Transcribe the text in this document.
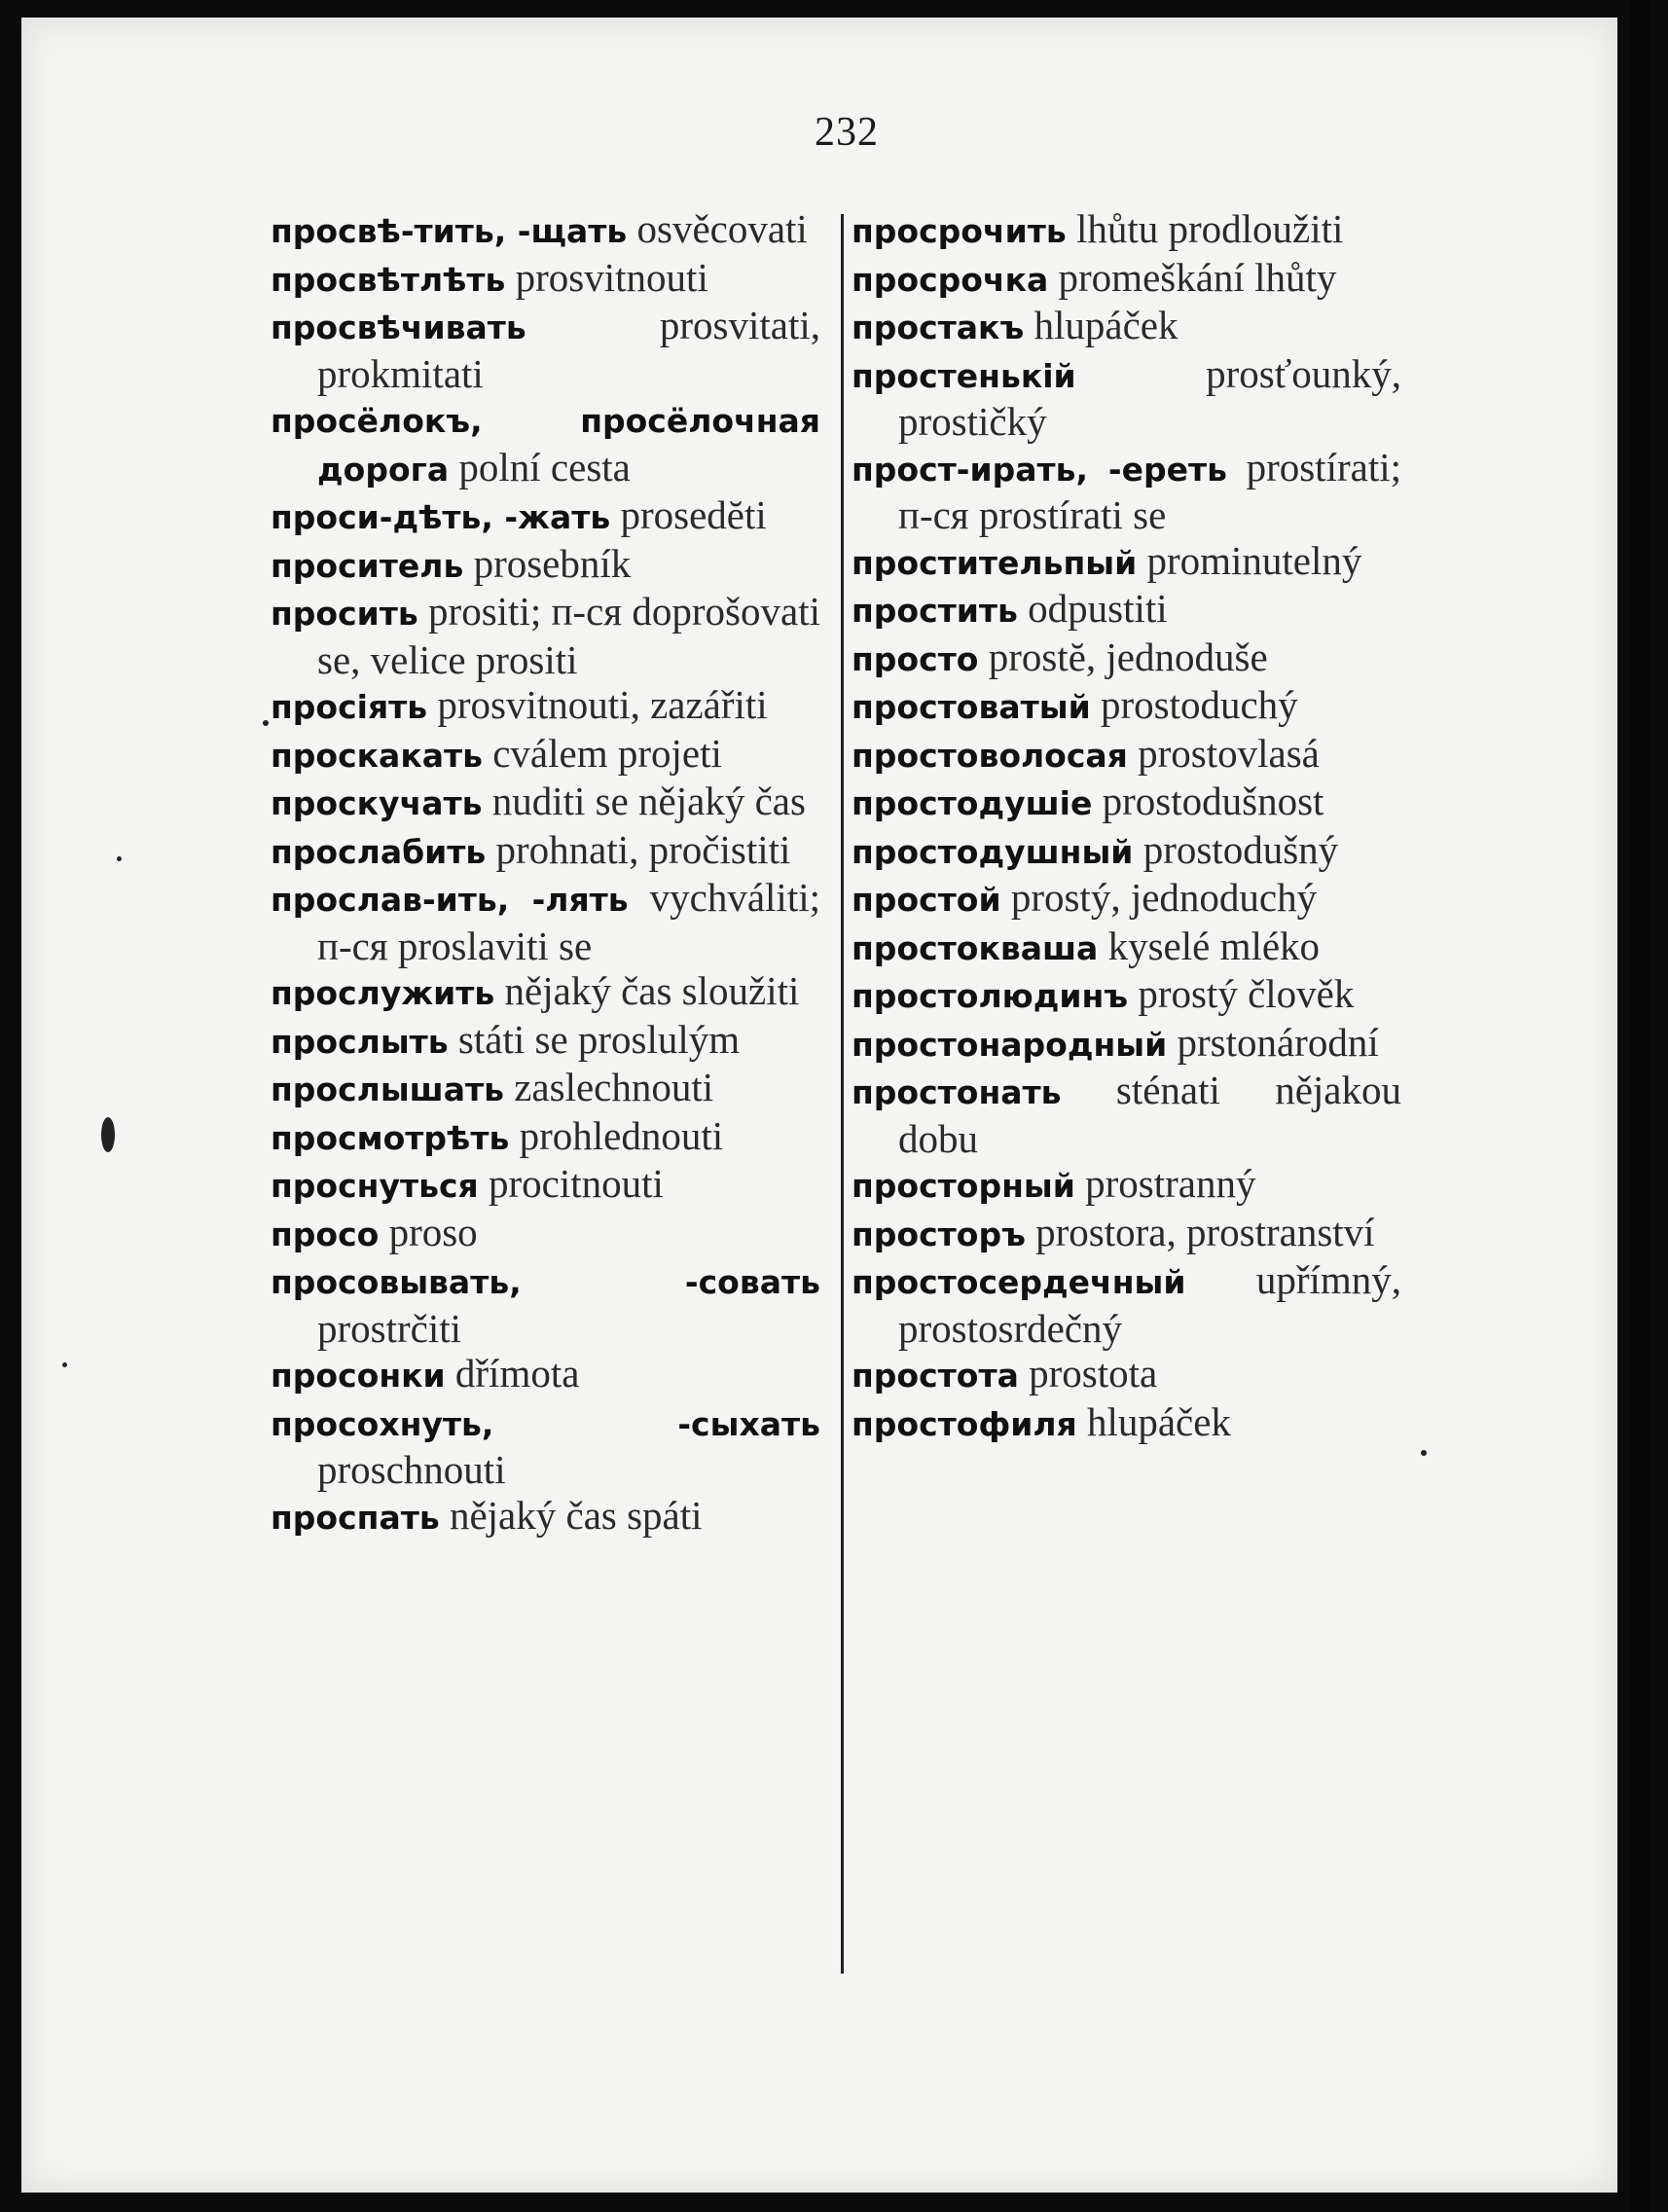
232

просвѣ-тить, -щать osvěcovati

просвѣтлѣть prosvitnouti

просвѣчивать	prosvitati, prokmitati

просёлокъ, просёлочная дорога polní cesta

проси-дѣть, -жать prosedĕti

проситель prosebník

просить prositi; п-ся doprošovati se, velice prositi

просіять prosvitnouti, zazářiti

проскакать cválem projeti

проскучать nuditi se nějaký čas

прослабить prohnati, pročistiti

прослав-ить, -лять vychváliti; п-ся proslaviti se

прослужить nějaký čas sloužiti

прослыть státi se proslulým

прослышать zaslechnouti

просмотрѣть prohlednouti

проснуться procitnouti

просо proso

просовывать, -совать prostrčiti

просонки dřímota

просохнуть, -сыхать proschnouti

проспать nějaký čas spáti

просрочить lhůtu prodloužiti

просрочка promeškání lhůty

простакъ hlupáček

простенькій	prosťounký, prostičký

прост-ирать, -ереть prostírati; п-ся prostírati se

простительпый prominutelný

простить odpustiti

просто prostĕ, jednoduše

простоватый prostoduchý

простоволосая prostovlasá

простодушіе prostodušnost

простодушный prostodušný

простой prostý, jednoduchý

простокваша kyselé mléko

простолюдинъ prostý člověk

простонародный prstonárodní

простонать sténati nějakou dobu

просторный prostranný

просторъ prostora, prostranství

простосердечный upřímný, prostosrdečný

простота prostota

простофиля hlupáček
